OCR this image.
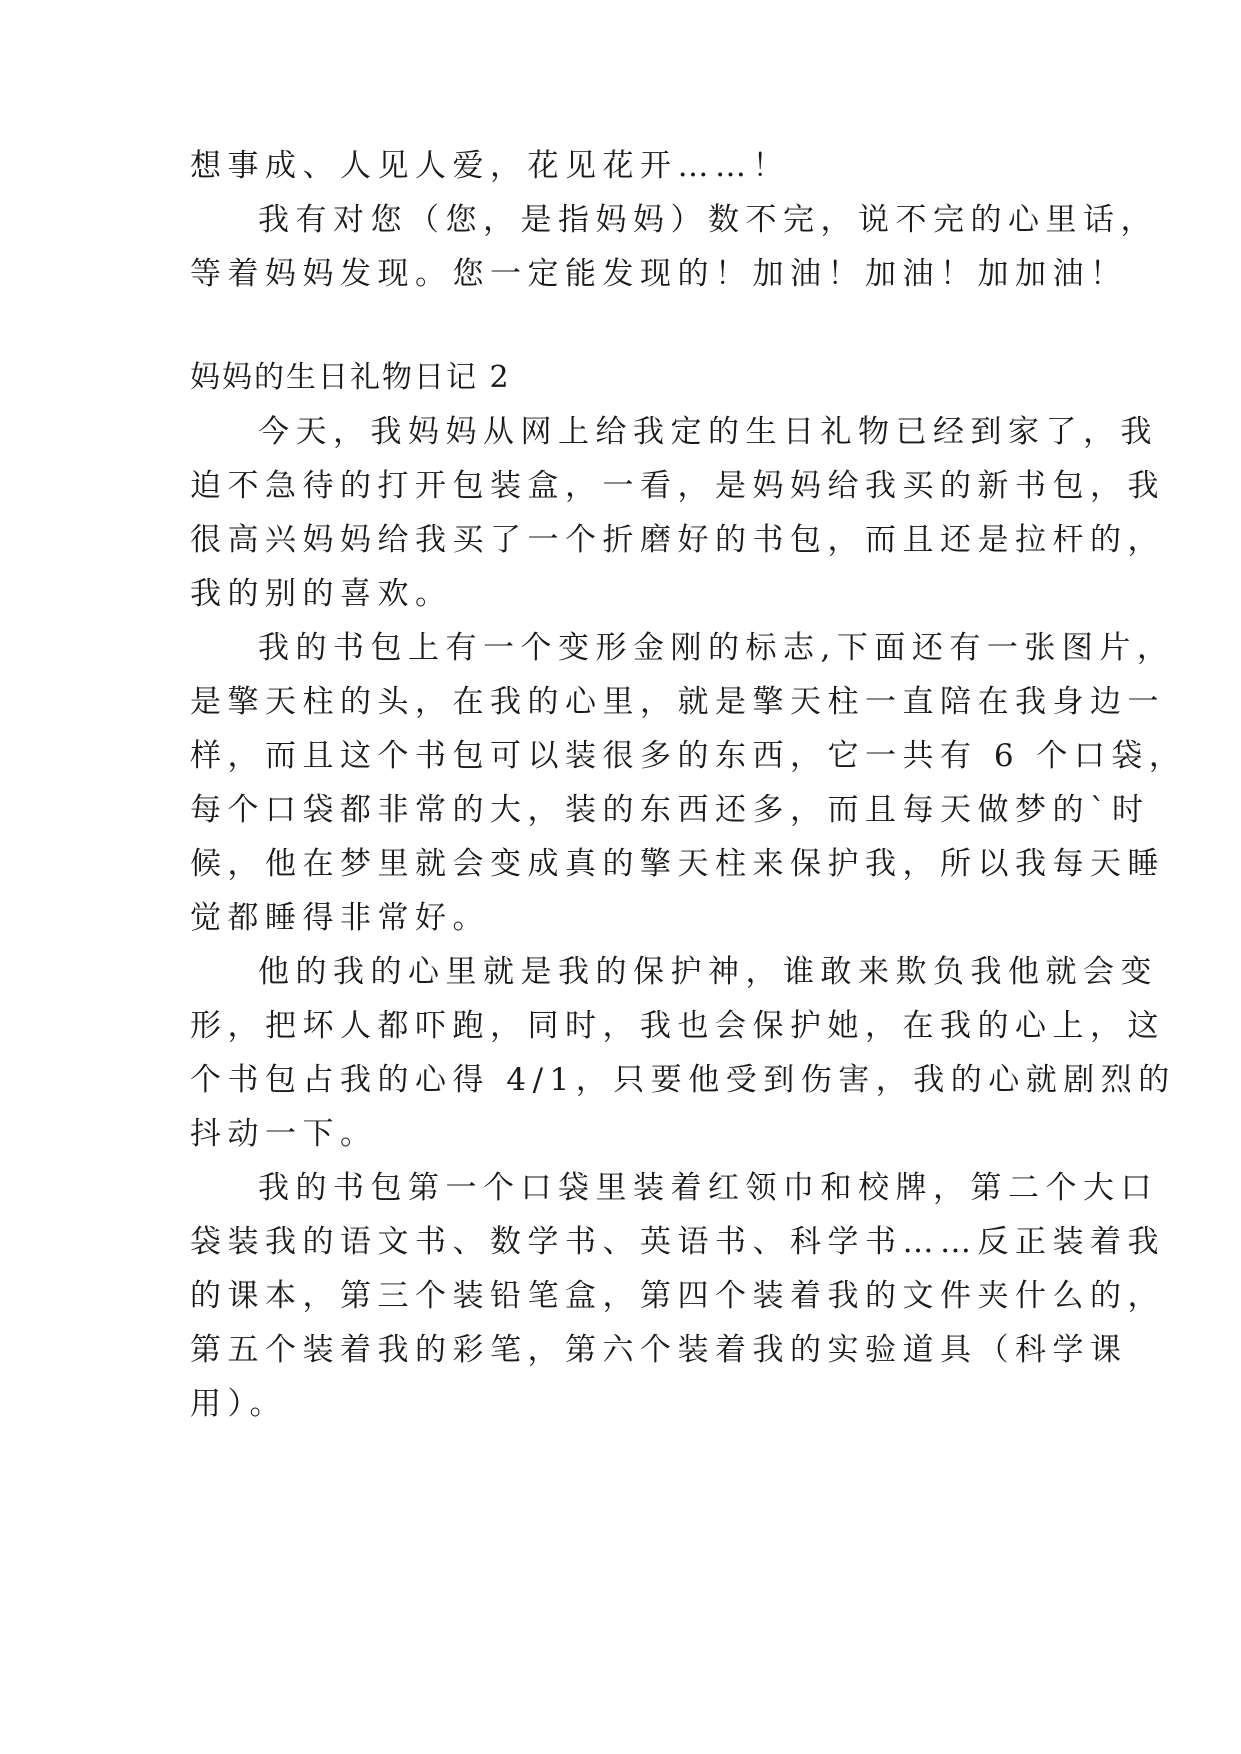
想事成、人见人爱，花见花开……！
我有对您（您，是指妈妈）数不完，说不完的心里话，
等着妈妈发现。您一定能发现的！加油！加油！加加油！
妈妈的生日礼物日记 2
今天，我妈妈从网上给我定的生日礼物已经到家了，我
迫不急待的打开包装盒，一看，是妈妈给我买的新书包，我
很高兴妈妈给我买了一个折磨好的书包，而且还是拉杆的，
我的别的喜欢。
我的书包上有一个变形金刚的标志,下面还有一张图片，
是擎天柱的头，在我的心里，就是擎天柱一直陪在我身边一
样，而且这个书包可以装很多的东西，它一共有 6 个口袋，
每个口袋都非常的大，装的东西还多，而且每天做梦的`时
候，他在梦里就会变成真的擎天柱来保护我，所以我每天睡
觉都睡得非常好。
他的我的心里就是我的保护神，谁敢来欺负我他就会变
形，把坏人都吓跑，同时，我也会保护她，在我的心上，这
个书包占我的心得 4/1，只要他受到伤害，我的心就剧烈的
抖动一下。
我的书包第一个口袋里装着红领巾和校牌，第二个大口
袋装我的语文书、数学书、英语书、科学书……反正装着我
的课本，第三个装铅笔盒，第四个装着我的文件夹什么的，
第五个装着我的彩笔，第六个装着我的实验道具（科学课
用）。
